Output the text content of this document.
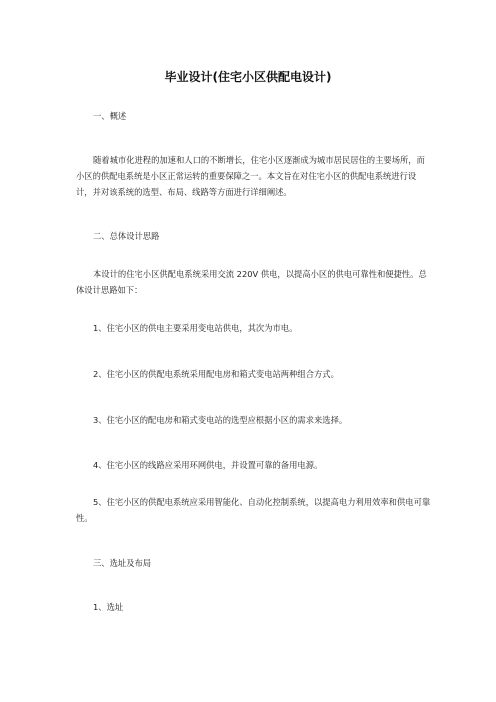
毕业设计(住宅小区供配电设计)
一、概述
随着城市化进程的加速和人口的不断增长，住宅小区逐渐成为城市居民居住的主要场所，而小区的供配电系统是小区正常运转的重要保障之一。本文旨在对住宅小区的供配电系统进行设计，并对该系统的选型、布局、线路等方面进行详细阐述。
二、总体设计思路
本设计的住宅小区供配电系统采用交流 220V 供电，以提高小区的供电可靠性和便捷性。总体设计思路如下：
1、住宅小区的供电主要采用变电站供电，其次为市电。
2、住宅小区的供配电系统采用配电房和箱式变电站两种组合方式。
3、住宅小区的配电房和箱式变电站的选型应根据小区的需求来选择。
4、住宅小区的线路应采用环网供电，并设置可靠的备用电源。
5、住宅小区的供配电系统应采用智能化、自动化控制系统，以提高电力利用效率和供电可靠性。
三、选址及布局
1、选址
